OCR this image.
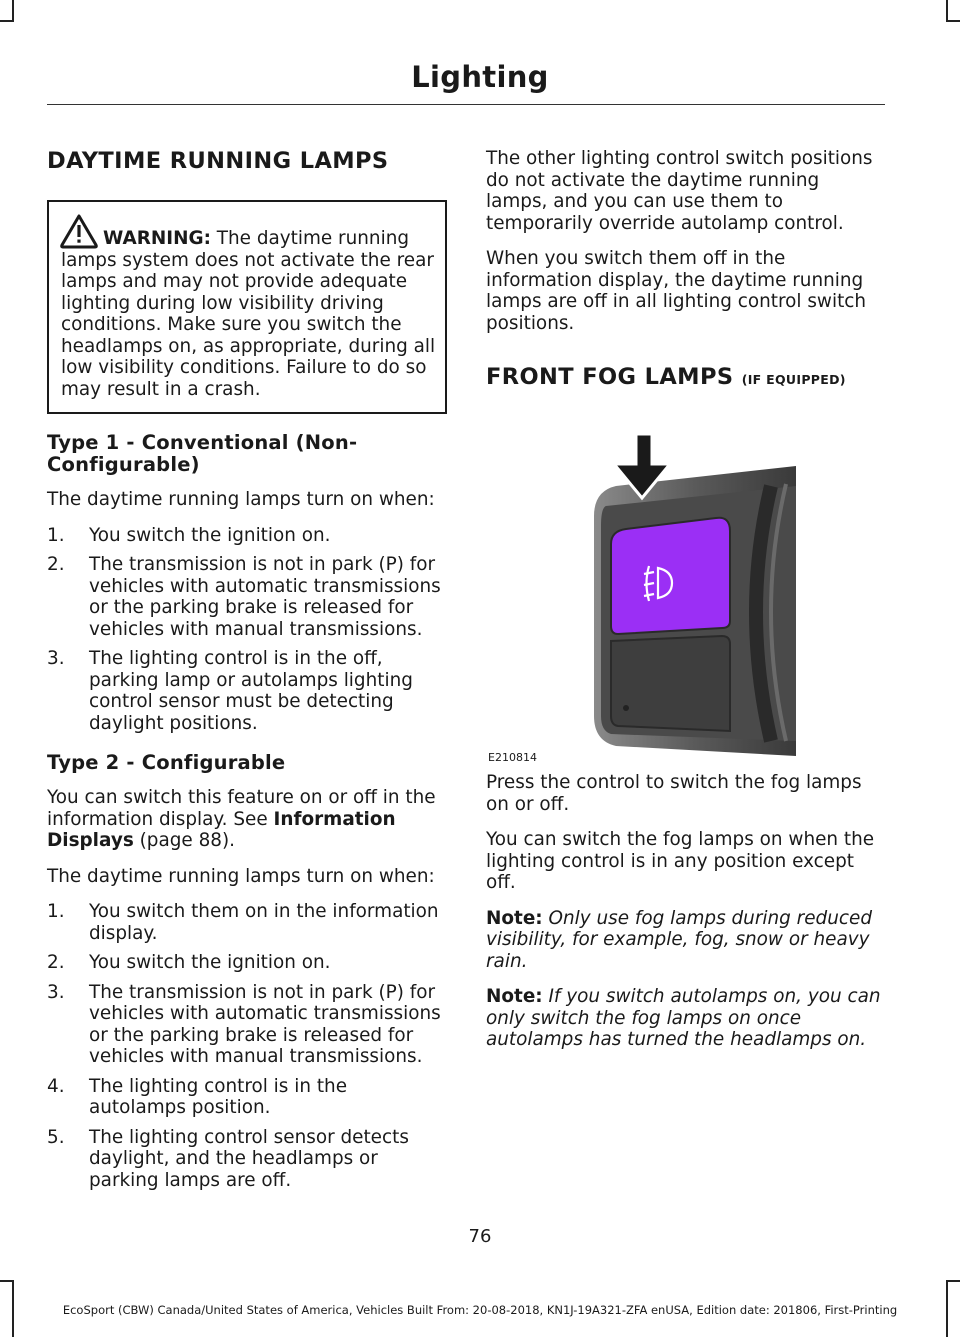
Lighting
DAYTIME RUNNING LAMPS
WARNING: The daytime running lamps system does not activate the rear lamps and may not provide adequate lighting during low visibility driving conditions. Make sure you switch the headlamps on, as appropriate, during all low visibility conditions. Failure to do so may result in a crash.
Type 1 - Conventional (Non-Configurable)

The daytime running lamps turn on when:

1. You switch the ignition on.
2. The transmission is not in park (P) for vehicles with automatic transmissions or the parking brake is released for vehicles with manual transmissions.
3. The lighting control is in the off, parking lamp or autolamps lighting control sensor must be detecting daylight positions.
Type 2 - Configurable

You can switch this feature on or off in the information display. See Information Displays (page 88).

The daytime running lamps turn on when:

1. You switch them on in the information display.
2. You switch the ignition on.
3. The transmission is not in park (P) for vehicles with automatic transmissions or the parking brake is released for vehicles with manual transmissions.
4. The lighting control is in the autolamps position.
5. The lighting control sensor detects daylight, and the headlamps or parking lamps are off.

The other lighting control switch positions do not activate the daytime running lamps, and you can use them to temporarily override autolamp control.

When you switch them off in the information display, the daytime running lamps are off in all lighting control switch positions.

FRONT FOG LAMPS (IF EQUIPPED)
E210814

Press the control to switch the fog lamps on or off.

You can switch the fog lamps on when the lighting control is in any position except off.

Note: Only use fog lamps during reduced visibility, for example, fog, snow or heavy rain.

Note: If you switch autolamps on, you can only switch the fog lamps on once autolamps has turned the headlamps on.

76
EcoSport (CBW) Canada/United States of America, Vehicles Built From: 20-08-2018, KN1J-19A321-ZFA enUSA, Edition date: 201806, First-Printing
